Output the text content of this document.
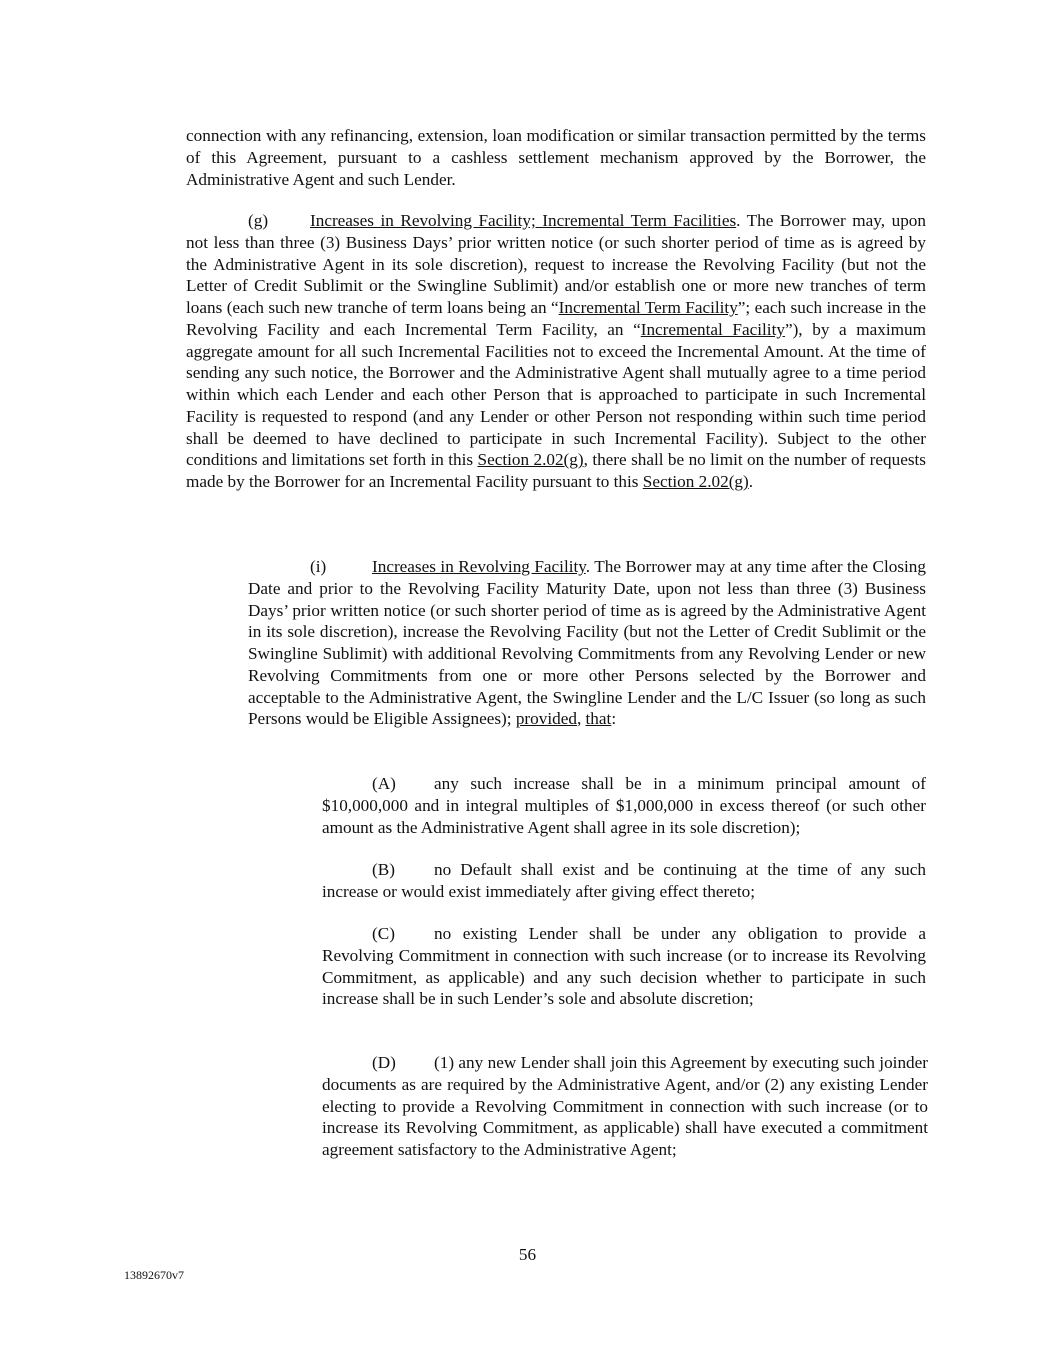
connection with any refinancing, extension, loan modification or similar transaction permitted by the terms of this Agreement, pursuant to a cashless settlement mechanism approved by the Borrower, the Administrative Agent and such Lender.

(g) Increases in Revolving Facility; Incremental Term Facilities. The Borrower may, upon not less than three (3) Business Days’ prior written notice (or such shorter period of time as is agreed by the Administrative Agent in its sole discretion), request to increase the Revolving Facility (but not the Letter of Credit Sublimit or the Swingline Sublimit) and/or establish one or more new tranches of term loans (each such new tranche of term loans being an “Incremental Term Facility”; each such increase in the Revolving Facility and each Incremental Term Facility, an “Incremental Facility”), by a maximum aggregate amount for all such Incremental Facilities not to exceed the Incremental Amount. At the time of sending any such notice, the Borrower and the Administrative Agent shall mutually agree to a time period within which each Lender and each other Person that is approached to participate in such Incremental Facility is requested to respond (and any Lender or other Person not responding within such time period shall be deemed to have declined to participate in such Incremental Facility). Subject to the other conditions and limitations set forth in this Section 2.02(g), there shall be no limit on the number of requests made by the Borrower for an Incremental Facility pursuant to this Section 2.02(g).

(i)	Increases in Revolving Facility. The Borrower may at any time after the Closing Date and prior to the Revolving Facility Maturity Date, upon not less than three (3) Business Days’ prior written notice (or such shorter period of time as is agreed by the Administrative Agent in its sole discretion), increase the Revolving Facility (but not the Letter of Credit Sublimit or the Swingline Sublimit) with additional Revolving Commitments from any Revolving Lender or new Revolving Commitments from one or more other Persons selected by the Borrower and acceptable to the Administrative Agent, the Swingline Lender and the L/C Issuer (so long as such Persons would be Eligible Assignees); provided, that:

(A) any such increase shall be in a minimum principal amount of $10,000,000 and in integral multiples of $1,000,000 in excess thereof (or such other amount as the Administrative Agent shall agree in its sole discretion);

(B) no Default shall exist and be continuing at the time of any such increase or would exist immediately after giving effect thereto;

(C) no existing Lender shall be under any obligation to provide a Revolving Commitment in connection with such increase (or to increase its Revolving Commitment, as applicable) and any such decision whether to participate in such increase shall be in such Lender’s sole and absolute discretion;

(D) (1) any new Lender shall join this Agreement by executing such joinder documents as are required by the Administrative Agent, and/or (2) any existing Lender electing to provide a Revolving Commitment in connection with such increase (or to increase its Revolving Commitment, as applicable) shall have executed a commitment agreement satisfactory to the Administrative Agent;

56
13892670v7
